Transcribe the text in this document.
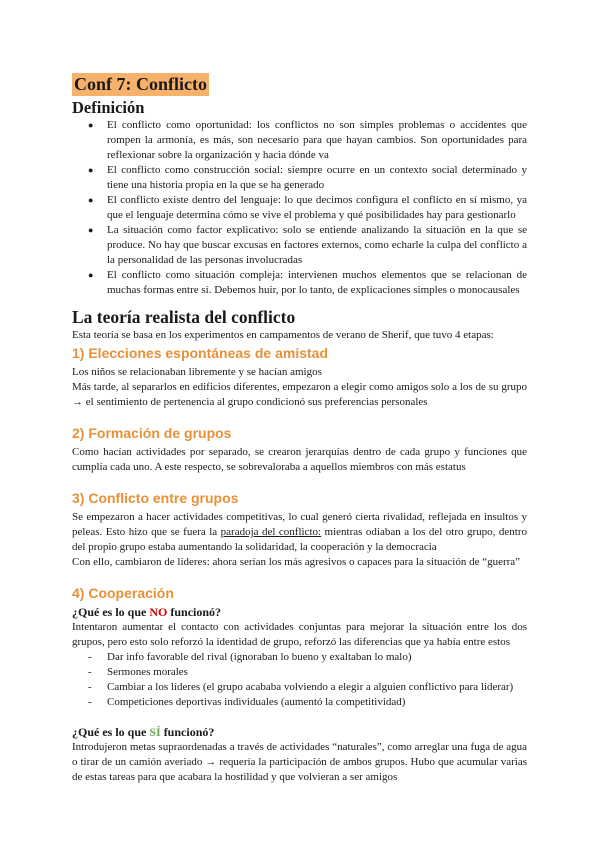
Conf 7: Conflicto
Definición
● El conflicto como oportunidad: los conflictos no son simples problemas o accidentes que rompen la armonía, es más, son necesario para que hayan cambios. Son oportunidades para reflexionar sobre la organización y hacia dónde va
● El conflicto como construcción social: siempre ocurre en un contexto social determinado y tiene una historia propia en la que se ha generado
● El conflicto existe dentro del lenguaje: lo que decimos configura el conflicto en sí mismo, ya que el lenguaje determina cómo se vive el problema y qué posibilidades hay para gestionarlo
● La situación como factor explicativo: solo se entiende analizando la situación en la que se produce. No hay que buscar excusas en factores externos, como echarle la culpa del conflicto a la personalidad de las personas involucradas
● El conflicto como situación compleja: intervienen muchos elementos que se relacionan de muchas formas entre sí. Debemos huir, por lo tanto, de explicaciones simples o monocausales
La teoría realista del conflicto

Esta teoría se basa en los experimentos en campamentos de verano de Sherif, que tuvo 4 etapas:

1) Elecciones espontáneas de amistad

Los niños se relacionaban libremente y se hacían amigos

Más tarde, al separarlos en edificios diferentes, empezaron a elegir como amigos solo a los de su grupo → el sentimiento de pertenencia al grupo condicionó sus preferencias personales

2) Formación de grupos

Como hacían actividades por separado, se crearon jerarquías dentro de cada grupo y funciones que cumplía cada uno. A este respecto, se sobrevaloraba a aquellos miembros con más estatus

3) Conflicto entre grupos

Se empezaron a hacer actividades competitivas, lo cual generó cierta rivalidad, reflejada en insultos y peleas. Esto hizo que se fuera la paradoja del conflicto: mientras odiaban a los del otro grupo, dentro del propio grupo estaba aumentando la solidaridad, la cooperación y la democracia

Con ello, cambiaron de líderes: ahora serían los más agresivos o capaces para la situación de “guerra”

4) Cooperación

¿Qué es lo que NO funcionó?

Intentaron aumentar el contacto con actividades conjuntas para mejorar la situación entre los dos grupos, pero esto solo reforzó la identidad de grupo, reforzó las diferencias que ya había entre estos

- Dar info favorable del rival (ignoraban lo bueno y exaltaban lo malo)
- Sermones morales
- Cambiar a los líderes (el grupo acababa volviendo a elegir a alguien conflictivo para liderar)
- Competiciones deportivas individuales (aumentó la competitividad)

¿Qué es lo que SÍ funcionó?

Introdujeron metas supraordenadas a través de actividades “naturales”, como arreglar una fuga de agua o tirar de un camión averiado → requería la participación de ambos grupos. Hubo que acumular varias de estas tareas para que acabara la hostilidad y que volvieran a ser amigos
